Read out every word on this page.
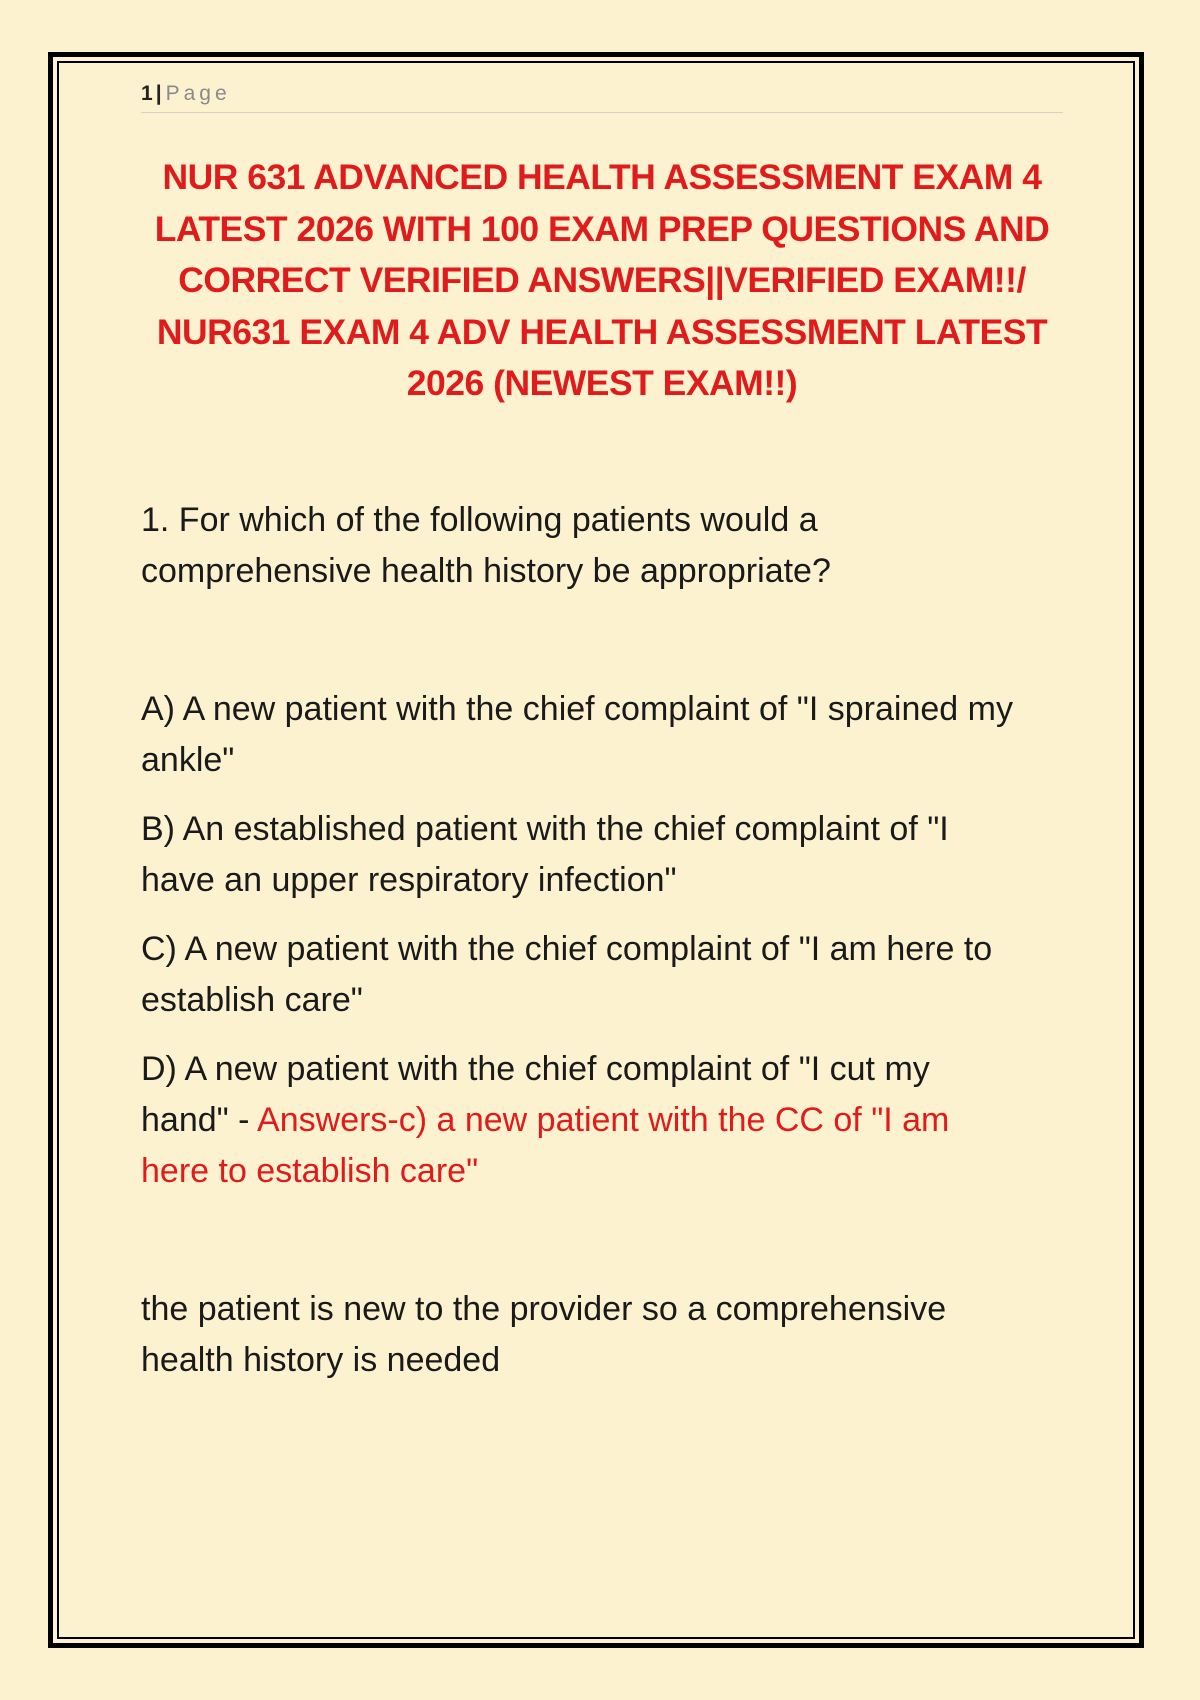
1 | Page
NUR 631 ADVANCED HEALTH ASSESSMENT EXAM 4
LATEST 2026 WITH 100 EXAM PREP QUESTIONS AND
CORRECT VERIFIED ANSWERS||VERIFIED EXAM!!/
NUR631 EXAM 4 ADV HEALTH ASSESSMENT LATEST
2026 (NEWEST EXAM!!)
1. For which of the following patients would a
comprehensive health history be appropriate?
A) A new patient with the chief complaint of "I sprained my
ankle"
B) An established patient with the chief complaint of "I
have an upper respiratory infection"
C) A new patient with the chief complaint of "I am here to
establish care"
D) A new patient with the chief complaint of "I cut my
hand" - Answers-c) a new patient with the CC of "I am
here to establish care"
the patient is new to the provider so a comprehensive
health history is needed
